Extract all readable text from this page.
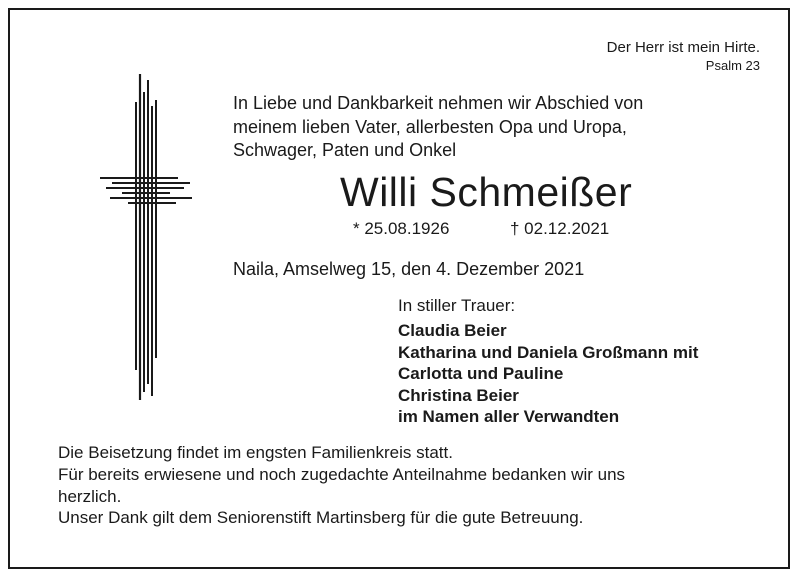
Der Herr ist mein Hirte.
Psalm 23
In Liebe und Dankbarkeit nehmen wir Abschied von
meinem lieben Vater, allerbesten Opa und Uropa,
Schwager, Paten und Onkel
Willi Schmeißer
* 25.08.1926	† 02.12.2021
Naila, Amselweg 15, den 4. Dezember 2021
In stiller Trauer:
Claudia Beier
Katharina und Daniela Großmann mit
Carlotta und Pauline
Christina Beier
im Namen aller Verwandten
Die Beisetzung findet im engsten Familienkreis statt.
Für bereits erwiesene und noch zugedachte Anteilnahme bedanken wir uns
herzlich.
Unser Dank gilt dem Seniorenstift Martinsberg für die gute Betreuung.
